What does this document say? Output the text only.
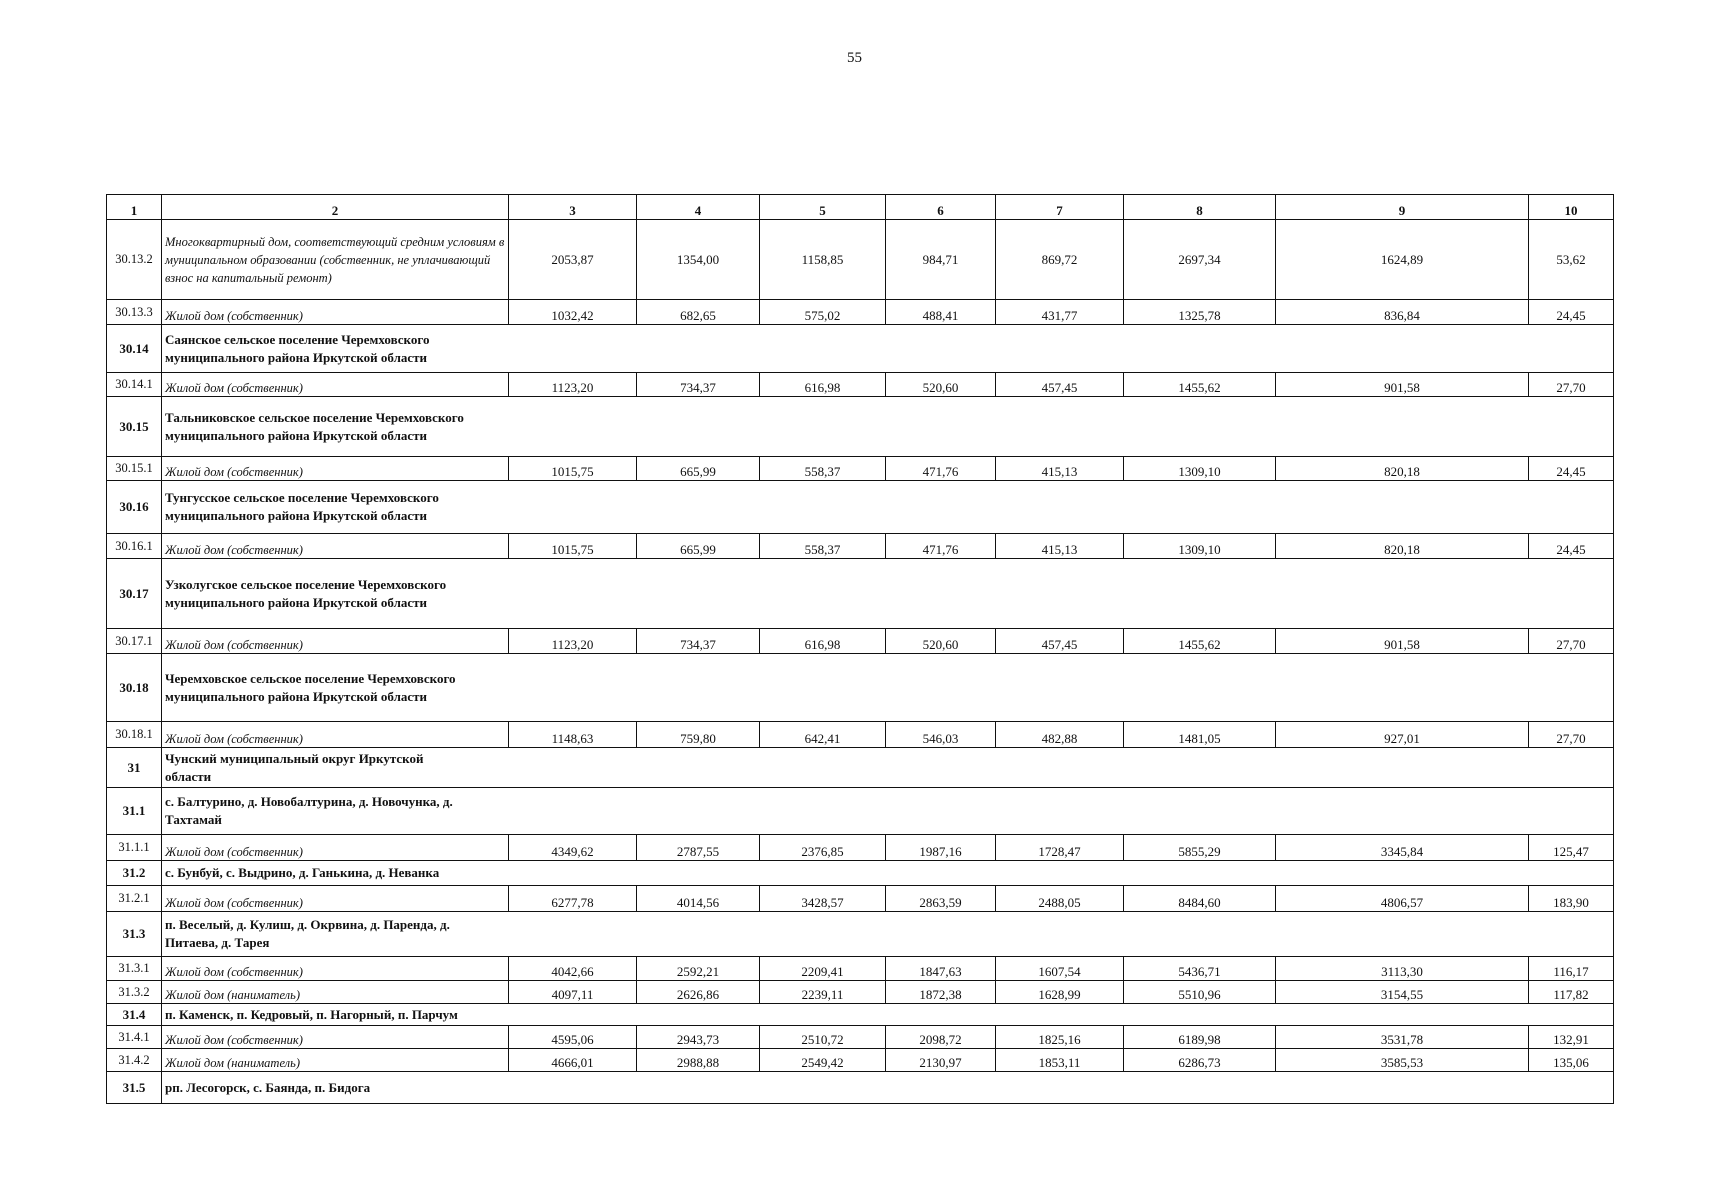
55
1	2	3	4	5	6	7	8	9	10
30.13.2	Многоквартирный дом, соответствующий средним условиям в муниципальном образовании (собственник, не уплачивающий взнос на капитальный ремонт)	2053,87	1354,00	1158,85	984,71	869,72	2697,34	1624,89	53,62
30.13.3	Жилой дом (собственник)	1032,42	682,65	575,02	488,41	431,77	1325,78	836,84	24,45
30.14	Саянское сельское поселение Черемховского муниципального района Иркутской области								

30.14.1	Жилой дом (собственник)	1123,20	734,37	616,98	520,60	457,45	1455,62	901,58	27,70
30.15	Тальниковское сельское поселение Черемховского муниципального района Иркутской области								

30.15.1	Жилой дом (собственник)	1015,75	665,99	558,37	471,76	415,13	1309,10	820,18	24,45
30.16	Тунгусское сельское поселение Черемховского муниципального района Иркутской области								

30.16.1	Жилой дом (собственник)	1015,75	665,99	558,37	471,76	415,13	1309,10	820,18	24,45
30.17	Узколугское сельское поселение Черемховского муниципального района Иркутской области								

30.17.1	Жилой дом (собственник)	1123,20	734,37	616,98	520,60	457,45	1455,62	901,58	27,70
30.18	Черемховское сельское поселение Черемховского муниципального района Иркутской области								

30.18.1	Жилой дом (собственник)	1148,63	759,80	642,41	546,03	482,88	1481,05	927,01	27,70
31	Чунский муниципальный округ Иркутской области								

31.1	с. Балтурино, д. Новобалтурина, д. Новочунка, д. Тахтамай								

31.1.1	Жилой дом (собственник)	4349,62	2787,55	2376,85	1987,16	1728,47	5855,29	3345,84	125,47
31.2	с. Бунбуй, с. Выдрино, д. Ганькина, д. Неванка								

31.2.1	Жилой дом (собственник)	6277,78	4014,56	3428,57	2863,59	2488,05	8484,60	4806,57	183,90
31.3	п. Веселый, д. Кулиш, д. Окрвина, д. Паренда, д. Питаева, д. Тарея								

31.3.1	Жилой дом (собственник)	4042,66	2592,21	2209,41	1847,63	1607,54	5436,71	3113,30	116,17
31.3.2	Жилой дом (наниматель)	4097,11	2626,86	2239,11	1872,38	1628,99	5510,96	3154,55	117,82
31.4	п. Каменск, п. Кедровый, п. Нагорный, п. Парчум								

31.4.1	Жилой дом (собственник)	4595,06	2943,73	2510,72	2098,72	1825,16	6189,98	3531,78	132,91
31.4.2	Жилой дом (наниматель)	4666,01	2988,88	2549,42	2130,97	1853,11	6286,73	3585,53	135,06
31.5	рп. Лесогорск, с. Баянда, п. Бидога								
